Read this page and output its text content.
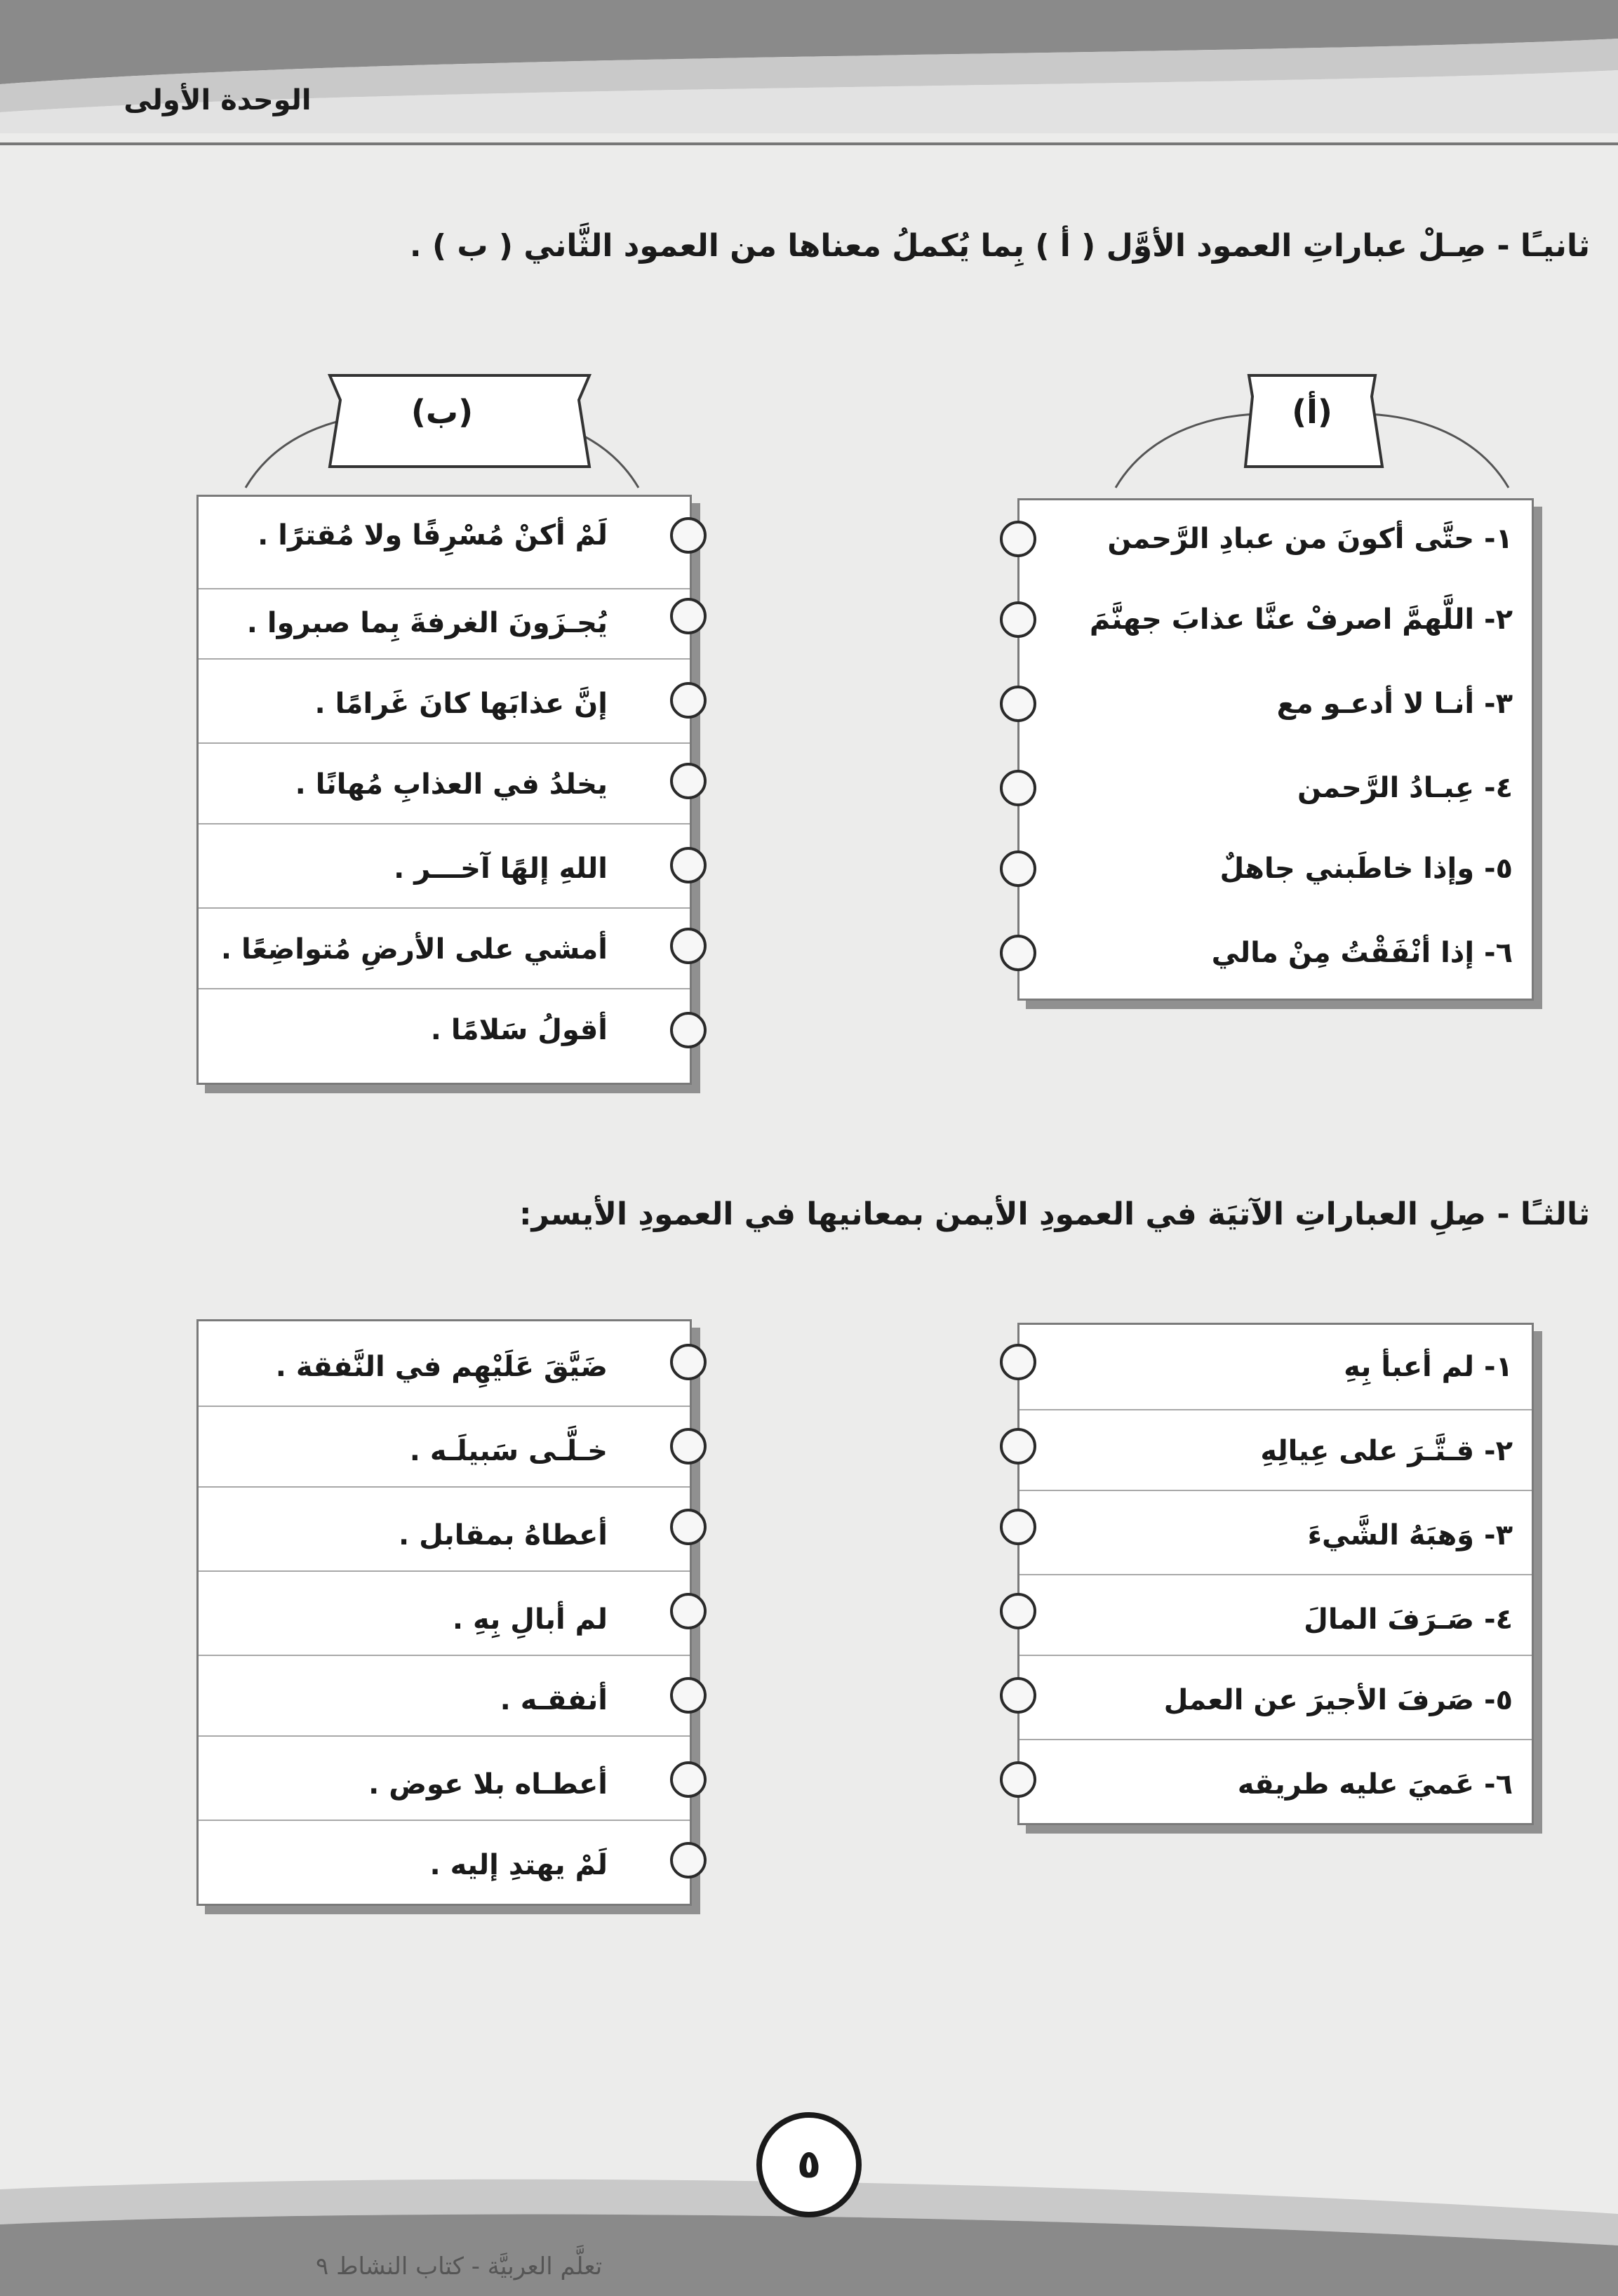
الوحدة الأولى
ثانيـًا - صِـلْ عباراتِ العمود الأوَّل ( أ ) بِما يُكملُ معناها من العمود الثَّاني ( ب ) .
(أ)
(ب)
١- حتَّى أكونَ من عبادِ الرَّحمن
٢- اللَّهمَّ اصرفْ عنَّا عذابَ جهنَّمَ
٣- أنـا لا أدعـو مع
٤- عِبـادُ الرَّحمن
٥- وإذا خاطَبني جاهلٌ
٦- إذا أنْفَقْتُ مِنْ مالي
لَمْ أكنْ مُسْرِفًا ولا مُقترًا .
يُجـزَونَ الغرفةَ بِما صبروا .
إنَّ عذابَها كانَ غَرامًا .
يخلدُ في العذابِ مُهانًا .
اللهِ إلهًا آخـــر .
أمشي على الأرضِ مُتواضِعًا .
أقولُ سَلامًا .
ثالثـًا - صِلِ العباراتِ الآتيَة في العمودِ الأيمن بمعانيها في العمودِ الأيسر:
١- لم أعبأ بِهِ
٢- قـتَّـرَ على عِيالِهِ
٣- وَهبَهُ الشَّيءَ
٤- صَـرَفَ المالَ
٥- صَرفَ الأجيرَ عن العمل
٦- عَميَ عليه طريقه
ضَيَّقَ عَلَيْهِم في النَّفقة .
خـلَّـى سَبيلَـه .
أعطاهُ بمقابل .
لم أبالِ بِهِ .
أنفقـه .
أعطـاه بلا عوض .
لَمْ يهتدِ إليه .
٥
تعلَّم العربيَّة - كتاب النشاط ٩
